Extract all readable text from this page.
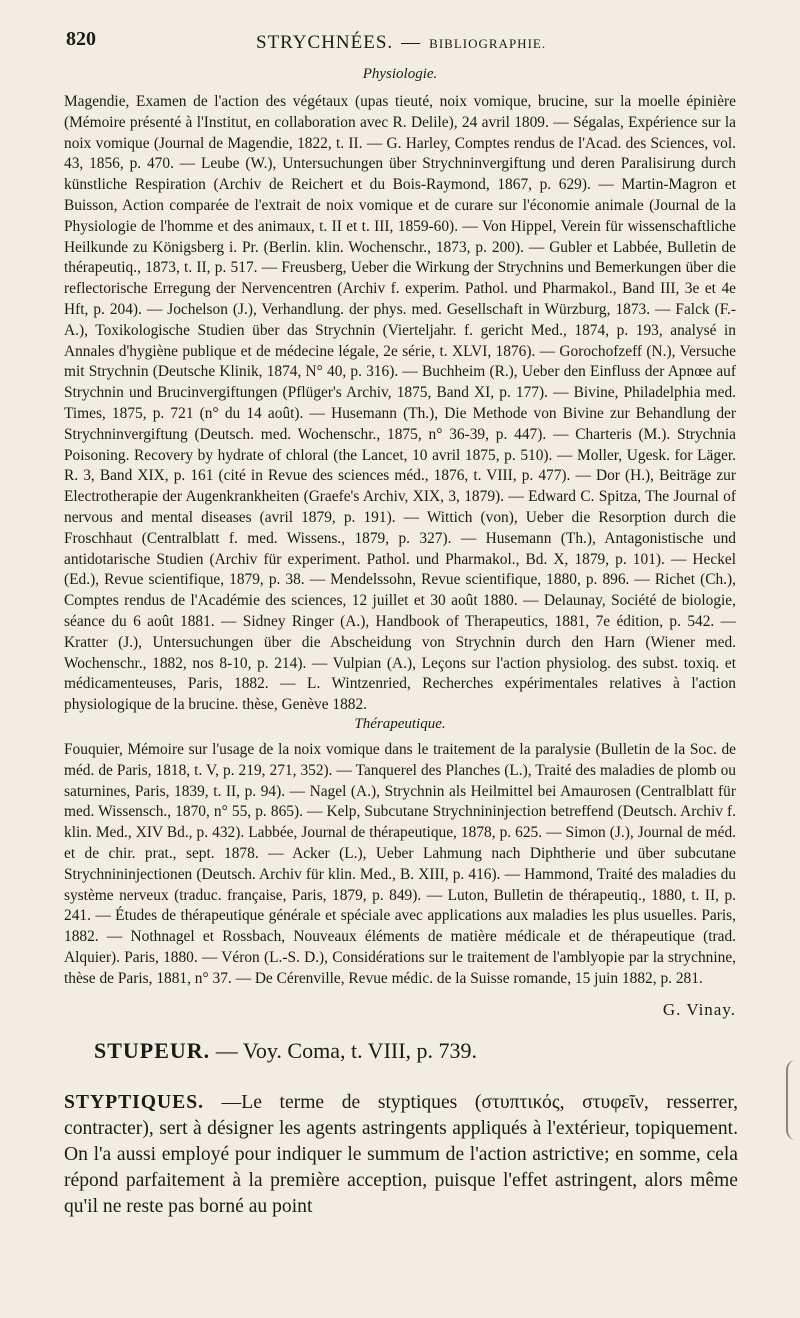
820	STRYCHNÉES. — BIBLIOGRAPHIE.
Physiologie.

Magendie, Examen de l'action des végétaux (upas tieuté, noix vomique, brucine, sur la moelle épinière (Mémoire présenté à l'Institut, en collaboration avec R. Delile), 24 avril 1809. — Ségalas, Expérience sur la noix vomique (Journal de Magendie, 1822, t. II. — G. Harley, Comptes rendus de l'Acad. des Sciences, vol. 43, 1856, p. 470. — Leube (W.), Untersuchungen über Strychninvergiftung und deren Paralisirung durch künstliche Respiration (Archiv de Reichert et du Bois-Raymond, 1867, p. 629). — Martin-Magron et Buisson, Action comparée de l'extrait de noix vomique et de curare sur l'économie animale (Journal de la Physiologie de l'homme et des animaux, t. II et t. III, 1859-60). — Von Hippel, Verein für wissenschaftliche Heilkunde zu Königsberg i. Pr. (Berlin. klin. Wochenschr., 1873, p. 200). — Gubler et Labbée, Bulletin de thérapeutiq., 1873, t. II, p. 517. — Freusberg, Ueber die Wirkung der Strychnins und Bemerkungen über die reflectorische Erregung der Nervencentren (Archiv f. experim. Pathol. und Pharmakol., Band III, 3e et 4e Hft, p. 204). — Jochelson (J.), Verhandlung. der phys. med. Gesellschaft in Würzburg, 1873. — Falck (F.-A.), Toxikologische Studien über das Strychnin (Vierteljahr. f. gericht Med., 1874, p. 193, analysé in Annales d'hygiène publique et de médecine légale, 2e série, t. XLVI, 1876). — Gorochofzeff (N.), Versuche mit Strychnin (Deutsche Klinik, 1874, N° 40, p. 316). — Buchheim (R.), Ueber den Einfluss der Apnœe auf Strychnin und Brucinvergiftungen (Pflüger's Archiv, 1875, Band XI, p. 177). — Bivine, Philadelphia med. Times, 1875, p. 721 (n° du 14 août). — Husemann (Th.), Die Methode von Bivine zur Behandlung der Strychninvergiftung (Deutsch. med. Wochenschr., 1875, n° 36-39, p. 447). — Charteris (M.). Strychnia Poisoning. Recovery by hydrate of chloral (the Lancet, 10 avril 1875, p. 510). — Moller, Ugesk. for Läger. R. 3, Band XIX, p. 161 (cité in Revue des sciences méd., 1876, t. VIII, p. 477). — Dor (H.), Beiträge zur Electrotherapie der Augenkrankheiten (Graefe's Archiv, XIX, 3, 1879). — Edward C. Spitza, The Journal of nervous and mental diseases (avril 1879, p. 191). — Wittich (von), Ueber die Resorption durch die Froschhaut (Centralblatt f. med. Wissens., 1879, p. 327). — Husemann (Th.), Antagonistische und antidotarische Studien (Archiv für experiment. Pathol. und Pharmakol., Bd. X, 1879, p. 101). — Heckel (Ed.), Revue scientifique, 1879, p. 38. — Mendelssohn, Revue scientifique, 1880, p. 896. — Richet (Ch.), Comptes rendus de l'Académie des sciences, 12 juillet et 30 août 1880. — Delaunay, Société de biologie, séance du 6 août 1881. — Sidney Ringer (A.), Handbook of Therapeutics, 1881, 7e édition, p. 542. — Kratter (J.), Untersuchungen über die Abscheidung von Strychnin durch den Harn (Wiener med. Wochenschr., 1882, nos 8-10, p. 214). — Vulpian (A.), Leçons sur l'action physiolog. des subst. toxiq. et médicamenteuses, Paris, 1882. — L. Wintzenried, Recherches expérimentales relatives à l'action physiologique de la brucine. thèse, Genève 1882.

Thérapeutique.

Fouquier, Mémoire sur l'usage de la noix vomique dans le traitement de la paralysie (Bulletin de la Soc. de méd. de Paris, 1818, t. V, p. 219, 271, 352). — Tanquerel des Planches (L.), Traité des maladies de plomb ou saturnines, Paris, 1839, t. II, p. 94). — Nagel (A.), Strychnin als Heilmittel bei Amaurosen (Centralblatt für med. Wissensch., 1870, n° 55, p. 865). — Kelp, Subcutane Strychnininjection betreffend (Deutsch. Archiv f. klin. Med., XIV Bd., p. 432). Labbée, Journal de thérapeutique, 1878, p. 625. — Simon (J.), Journal de méd. et de chir. prat., sept. 1878. — Acker (L.), Ueber Lahmung nach Diphtherie und über subcutane Strychnininjectionen (Deutsch. Archiv für klin. Med., B. XIII, p. 416). — Hammond, Traité des maladies du système nerveux (traduc. française, Paris, 1879, p. 849). — Luton, Bulletin de thérapeutiq., 1880, t. II, p. 241. — Études de thérapeutique générale et spéciale avec applications aux maladies les plus usuelles. Paris, 1882. — Nothnagel et Rossbach, Nouveaux éléments de matière médicale et de thérapeutique (trad. Alquier). Paris, 1880. — Véron (L.-S. D.), Considérations sur le traitement de l'amblyopie par la strychnine, thèse de Paris, 1881, n° 37. — De Cérenville, Revue médic. de la Suisse romande, 15 juin 1882, p. 281.

G. Vinay.
STUPEUR. — Voy. Coma, t. VIII, p. 739.
STYPTIQUES. —Le terme de styptiques (στυπτικός, στυφεῖν, resserrer, contracter), sert à désigner les agents astringents appliqués à l'extérieur, topiquement. On l'a aussi employé pour indiquer le summum de l'action astrictive; en somme, cela répond parfaitement à la première acception, puisque l'effet astringent, alors même qu'il ne reste pas borné au point
